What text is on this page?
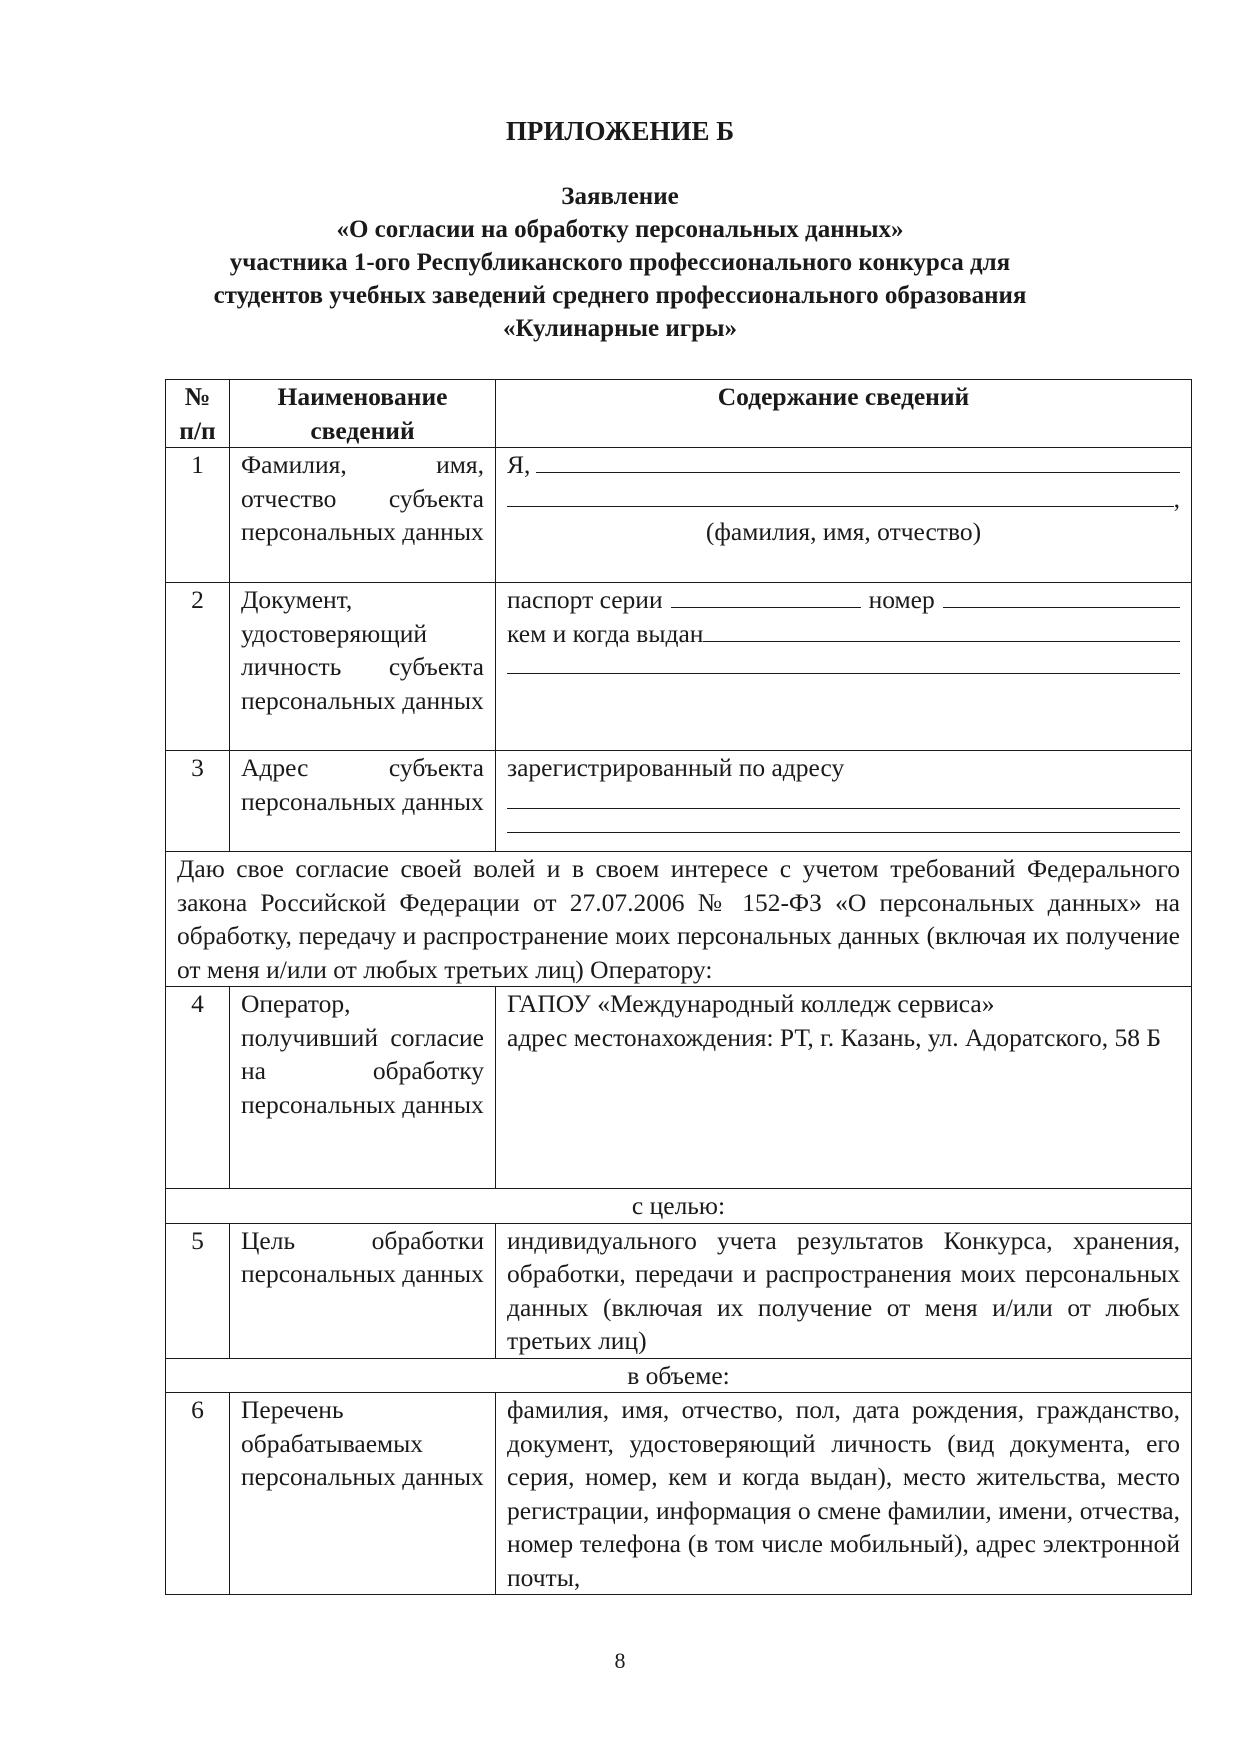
ПРИЛОЖЕНИЕ Б
Заявление
«О согласии на обработку персональных данных»
участника 1-ого Республиканского профессионального конкурса для
студентов учебных заведений среднего профессионального образования
«Кулинарные игры»
№ п/п	Наименование сведений	Содержание сведений
1	Фамилия, имя, отчество субъекта персональных данных	Я,
,
(фамилия, имя, отчество)

2	Документ, удостоверяющий личность субъекта персональных данных	паспорт серии номер
кем и когда выдан

3	Адрес субъекта персональных данных	зарегистрированный по адресу

Даю свое согласие своей волей и в своем интересе с учетом требований Федерального закона Российской Федерации от 27.07.2006 № 152-ФЗ «О персональных данных» на обработку, передачу и распространение моих персональных данных (включая их получение от меня и/или от любых третьих лиц) Оператору:		
4	Оператор, получивший согласие на обработку персональных данных	ГАПОУ «Международный колледж сервиса»
адрес местонахождения: РТ, г. Казань, ул. Адоратского, 58 Б

с целью:		
5	Цель обработки персональных данных	индивидуального учета результатов Конкурса, хранения, обработки, передачи и распространения моих персональных данных (включая их получение от меня и/или от любых третьих лиц)
в объеме:		
6	Перечень обрабатываемых персональных данных	фамилия, имя, отчество, пол, дата рождения, гражданство, документ, удостоверяющий личность (вид документа, его серия, номер, кем и когда выдан), место жительства, место регистрации, информация о смене фамилии, имени, отчества, номер телефона (в том числе мобильный), адрес электронной почты,
8
